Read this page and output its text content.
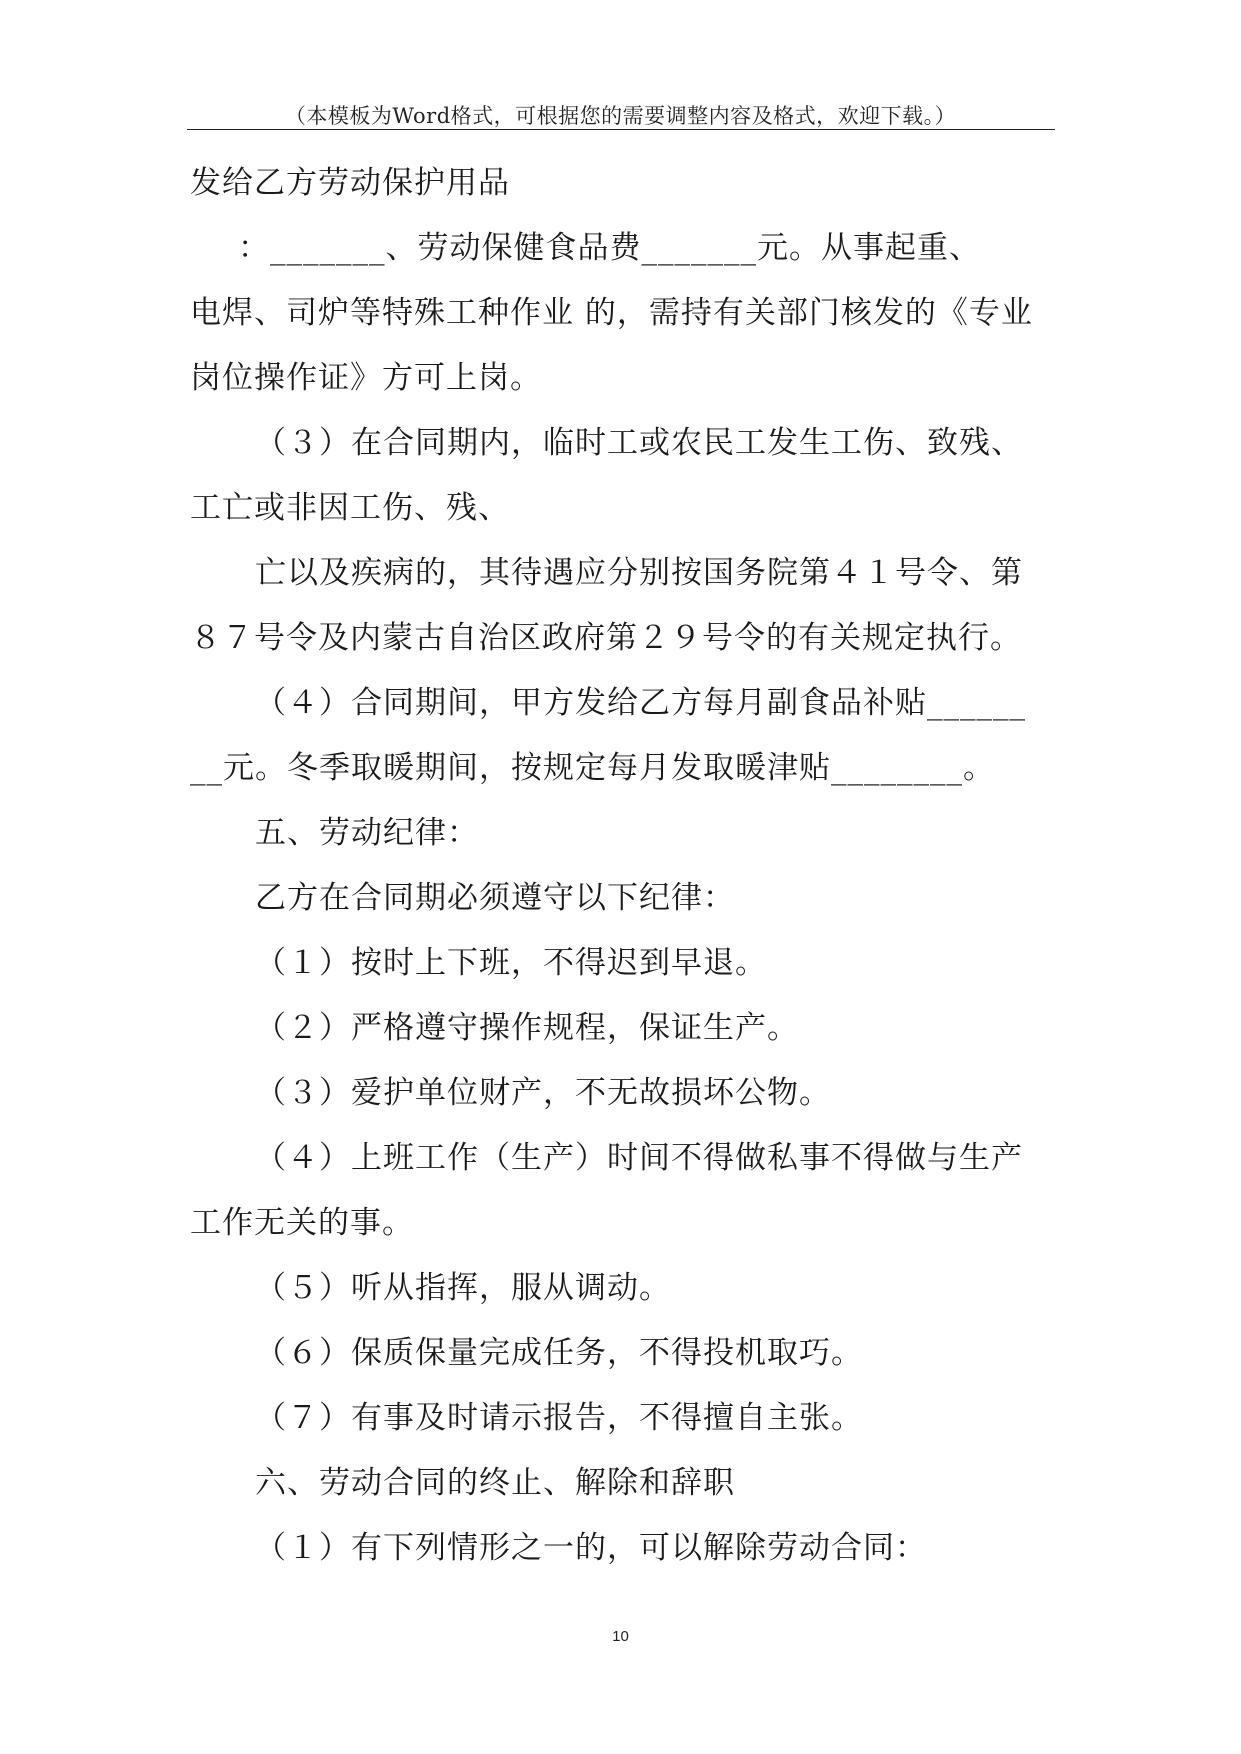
（本模板为Word格式，可根据您的需要调整内容及格式，欢迎下载。）
发给乙方劳动保护用品
：_______、劳动保健食品费_______元。从事起重、
电焊、司炉等特殊工种作业 的，需持有关部门核发的《专业
岗位操作证》方可上岗。
（３）在合同期内，临时工或农民工发生工伤、致残、
工亡或非因工伤、残、
亡以及疾病的，其待遇应分别按国务院第４１号令、第
８７号令及内蒙古自治区政府第２９号令的有关规定执行。
（４）合同期间，甲方发给乙方每月副食品补贴______
__元。冬季取暖期间，按规定每月发取暖津贴________。
五、劳动纪律：
乙方在合同期必须遵守以下纪律：
（１）按时上下班，不得迟到早退。
（２）严格遵守操作规程，保证生产。
（３）爱护单位财产，不无故损坏公物。
（４）上班工作（生产）时间不得做私事不得做与生产
工作无关的事。
（５）听从指挥，服从调动。
（６）保质保量完成任务，不得投机取巧。
（７）有事及时请示报告，不得擅自主张。
六、劳动合同的终止、解除和辞职
（１）有下列情形之一的，可以解除劳动合同：
10
